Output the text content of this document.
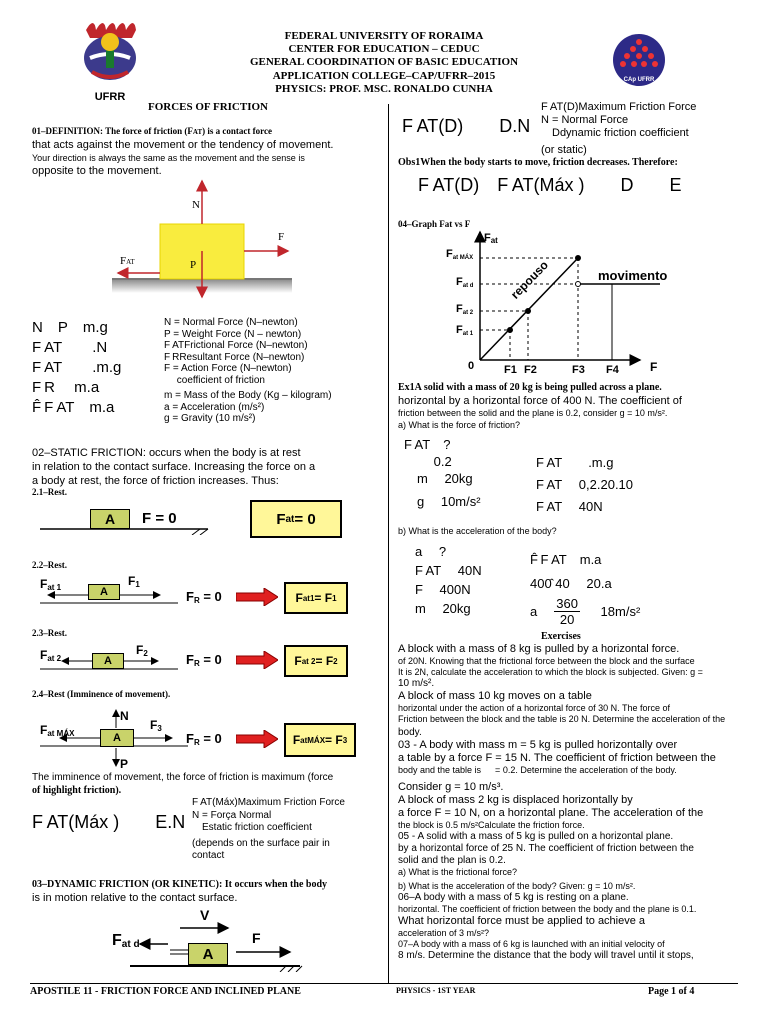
UFRR
CAp UFRR
FEDERAL UNIVERSITY OF RORAIMA
CENTER FOR EDUCATION – CEDUC
GENERAL COORDINATION OF BASIC EDUCATION
APPLICATION COLLEGE–CAP/UFRR–2015
PHYSICS: PROF. MSC. RONALDO CUNHA
FORCES OF FRICTION
01–DEFINITION: The force of friction (FAT) is a contact force
that acts against the movement or the tendency of movement.
Your direction is always the same as the movement and the sense is
opposite to the movement.
N
F
FAT	P
N P m.g
F AT  .N
F AT  .m.g
F R  m.a
F̂ F AT m.a
N = Normal Force (N–newton)
P = Weight Force (N – newton)
F ATFrictional Force (N–newton)
F RResultant Force (N–newton)
F = Action Force (N–newton)
  coefficient of friction
m = Mass of the Body (Kg – kilogram)
a = Acceleration (m/s²)
g = Gravity (10 m/s²)
02–STATIC FRICTION: occurs when the body is at rest
in relation to the contact surface. Increasing the force on a
a body at rest, the force of friction increases. Thus:
2.1–Rest.
A	F = 0	F at = 0
2.2–Rest.
A
$F_{at 1}$	$F_1$
$F_R = 0$	F at1 = F 1
2.3–Rest.
A
$F_{at 2}$
$F_2$	$F_R = 0$	F at 2 = F 2
2.4–Rest (Imminence of movement).
A
$F_{at MÁX}$
$F_3$
N
P
$F_R = 0$	F atMÁX = F 3
The imminence of movement, the force of friction is maximum (force
of highlight friction).
F AT(Máx )  E.N
F AT(Máx)Maximum Friction Force
N = Força Normal
 Estatic friction coefficient
(depends on the surface pair in
contact
03–DYNAMIC FRICTION (OR KINETIC): It occurs when the body
is in motion relative to the contact surface.
A
V
F
$F_{at d}$
F AT(D)  D.N
F AT(D)Maximum Friction Force
N = Normal Force
 Ddynamic friction coefficient
(or static)
Obs1When the body starts to move, friction decreases. Therefore:
F AT(D) F AT(Máx )  D  E
04–Graph Fat vs F
$F_{at}$
$F_{at MÁX}$
$F_{at d}$
$F_{at 2}$
$F_{at 1}$
0	F
F1 F2	F3 F4
repouso	movimento
Ex1A solid with a mass of 20 kg is being pulled across a plane.
horizontal by a horizontal force of 400 N. The coefficient of
friction between the solid and the plane is 0.2, consider g = 10 m/s².
a) What is the force of friction?
F AT ?
   0.2
 m  20kg
 g  10m/s²
F AT  .m.g
F AT  0,2.20.10
F AT  40N
b) What is the acceleration of the body?
 a  ?
 F AT  40N
 F  400N
 m  20kg
F̂ F AT m.a
400̂ 40  20.a
a  $\frac{360}{20}$   18m/s²
Exercises
A block with a mass of 8 kg is pulled by a horizontal force.
of 20N. Knowing that the frictional force between the block and the surface
It is 2N, calculate the acceleration to which the block is subjected. Given: g =
10 m/s².
A block of mass 10 kg moves on a table
horizontal under the action of a horizontal force of 30 N. The force of
Friction between the block and the table is 20 N. Determine the acceleration of the
body.
03 - A body with mass m = 5 kg is pulled horizontally over
a table by a force F = 15 N. The coefficient of friction between the
body and the table is   = 0.2. Determine the acceleration of the body.
Consider g = 10 m/s³.
A block of mass 2 kg is displaced horizontally by
a force F = 10 N, on a horizontal plane. The acceleration of the
the block is 0.5 m/s²Calculate the friction force.
05 - A solid with a mass of 5 kg is pulled on a horizontal plane.
by a horizontal force of 25 N. The coefficient of friction between the
solid and the plan is 0.2.
a) What is the frictional force?
b) What is the acceleration of the body? Given: g = 10 m/s².
06–A body with a mass of 5 kg is resting on a plane.
horizontal. The coefficient of friction between the body and the plane is 0.1.
What horizontal force must be applied to achieve a
acceleration of 3 m/s²?
07–A body with a mass of 6 kg is launched with an initial velocity of
8 m/s. Determine the distance that the body will travel until it stops,
APOSTILE 11 - FRICTION FORCE AND INCLINED PLANE	PHYSICS - 1ST YEAR	Page 1 of 4
